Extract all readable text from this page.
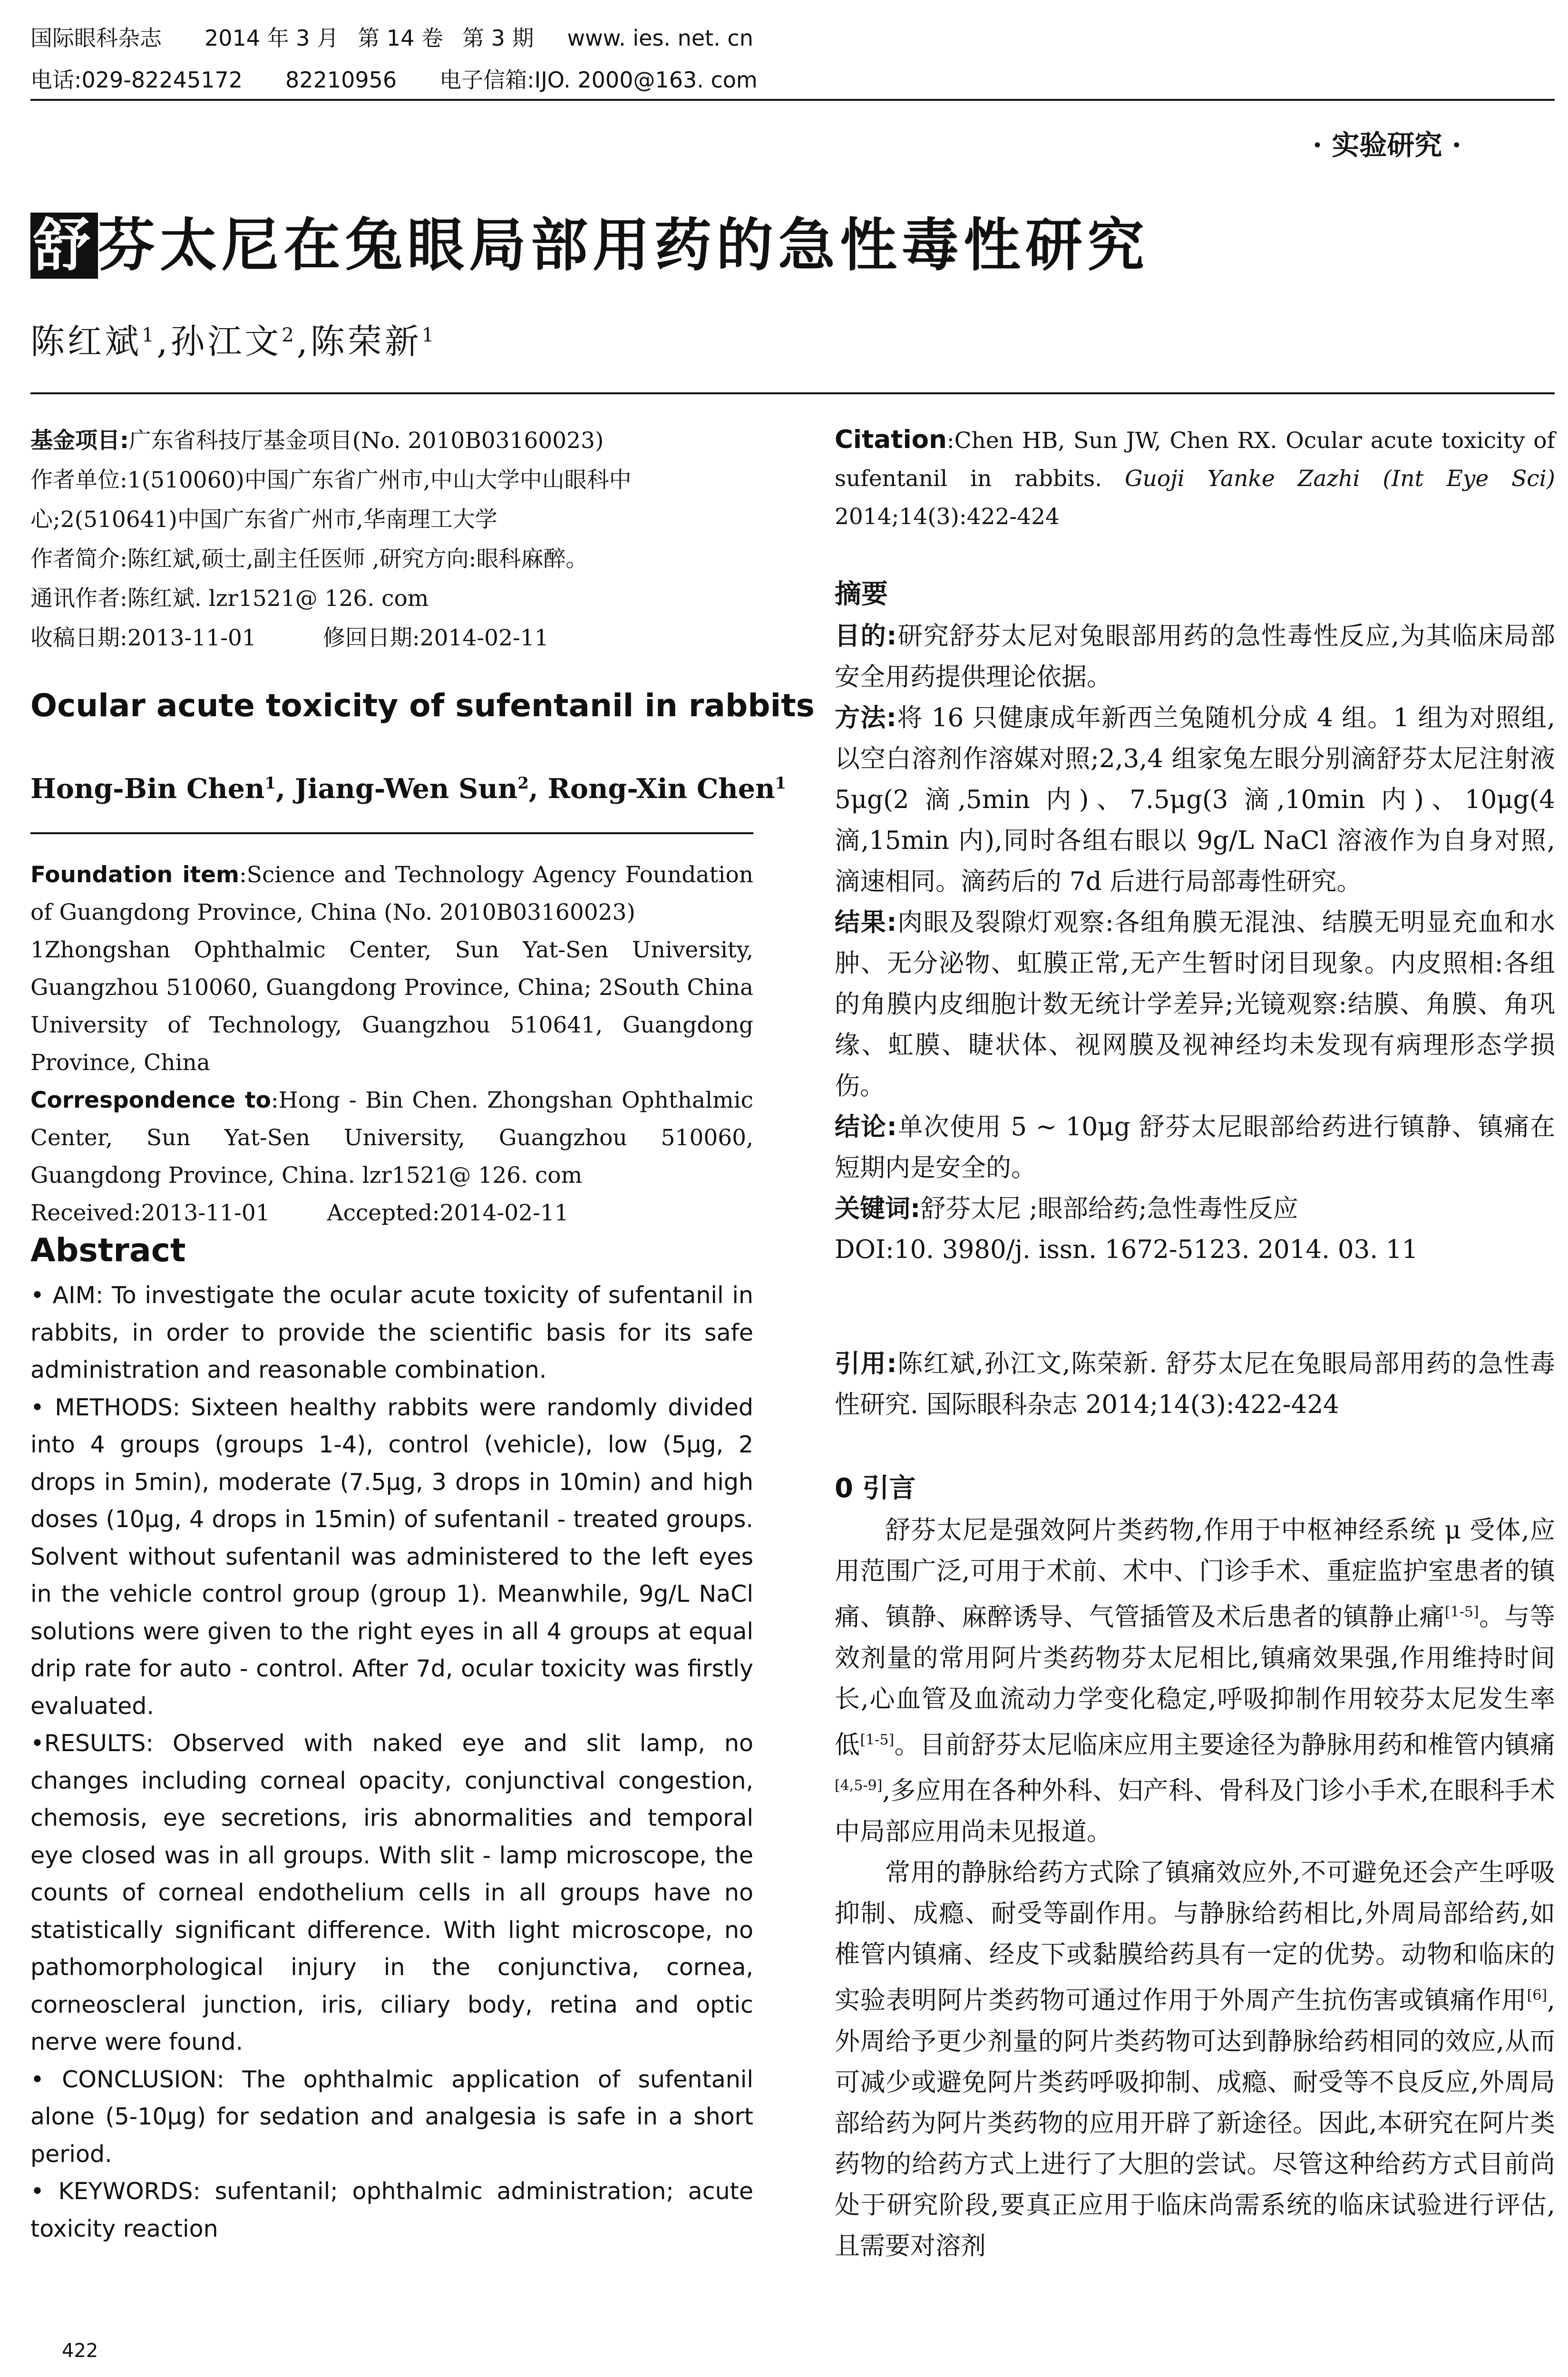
国际眼科杂志 2014 年 3 月 第 14 卷 第 3 期 www. ies. net. cn
电话:029-82245172 82210956 电子信箱:IJO. 2000@163. com
· 实验研究 ·
舒芬太尼在兔眼局部用药的急性毒性研究
陈红斌$^1$,孙江文$^2$,陈荣新$^1$
基金项目:广东省科技厅基金项目(No. 2010B03160023)
作者单位:1(510060)中国广东省广州市,中山大学中山眼科中
心;2(510641)中国广东省广州市,华南理工大学
作者简介:陈红斌,硕士,副主任医师 ,研究方向:眼科麻醉。
通讯作者:陈红斌. lzr1521@ 126. com
收稿日期:2013-11-01	修回日期:2014-02-11
Ocular acute toxicity of sufentanil in rabbits
Hong-Bin Chen$^1$, Jiang-Wen Sun$^2$, Rong-Xin Chen$^1$

Foundation item:Science and Technology Agency Foundation of Guangdong Province, China (No. 2010B03160023)

1Zhongshan Ophthalmic Center, Sun Yat-Sen University, Guangzhou 510060, Guangdong Province, China; 2South China University of Technology, Guangzhou 510641, Guangdong Province, China

Correspondence to:Hong - Bin Chen. Zhongshan Ophthalmic Center, Sun Yat-Sen University, Guangzhou 510060, Guangdong Province, China. lzr1521@ 126. com

Received:2013-11-01	Accepted:2014-02-11

Abstract

• AIM: To investigate the ocular acute toxicity of sufentanil in rabbits, in order to provide the scientific basis for its safe administration and reasonable combination.

• METHODS: Sixteen healthy rabbits were randomly divided into 4 groups (groups 1-4), control (vehicle), low (5μg, 2 drops in 5min), moderate (7.5μg, 3 drops in 10min) and high doses (10μg, 4 drops in 15min) of sufentanil - treated groups. Solvent without sufentanil was administered to the left eyes in the vehicle control group (group 1). Meanwhile, 9g/L NaCl solutions were given to the right eyes in all 4 groups at equal drip rate for auto - control. After 7d, ocular toxicity was firstly evaluated.

•RESULTS: Observed with naked eye and slit lamp, no changes including corneal opacity, conjunctival congestion, chemosis, eye secretions, iris abnormalities and temporal eye closed was in all groups. With slit - lamp microscope, the counts of corneal endothelium cells in all groups have no statistically significant difference. With light microscope, no pathomorphological injury in the conjunctiva, cornea, corneoscleral junction, iris, ciliary body, retina and optic nerve were found.

• CONCLUSION: The ophthalmic application of sufentanil alone (5-10μg) for sedation and analgesia is safe in a short period.

• KEYWORDS: sufentanil; ophthalmic administration; acute toxicity reaction

422
Citation:Chen HB, Sun JW, Chen RX. Ocular acute toxicity of sufentanil in rabbits. Guoji Yanke Zazhi (Int Eye Sci) 2014;14(3):422-424

摘要

目的:研究舒芬太尼对兔眼部用药的急性毒性反应,为其临床局部安全用药提供理论依据。

方法:将 16 只健康成年新西兰兔随机分成 4 组。1 组为对照组,以空白溶剂作溶媒对照;2,3,4 组家兔左眼分别滴舒芬太尼注射液 5μg(2 滴,5min 内)、7.5μg(3 滴,10min 内)、10μg(4 滴,15min 内),同时各组右眼以 9g/L NaCl 溶液作为自身对照,滴速相同。滴药后的 7d 后进行局部毒性研究。

结果:肉眼及裂隙灯观察:各组角膜无混浊、结膜无明显充血和水肿、无分泌物、虹膜正常,无产生暂时闭目现象。内皮照相:各组的角膜内皮细胞计数无统计学差异;光镜观察:结膜、角膜、角巩缘、虹膜、睫状体、视网膜及视神经均未发现有病理形态学损伤。

结论:单次使用 5 ~ 10μg 舒芬太尼眼部给药进行镇静、镇痛在短期内是安全的。

关键词:舒芬太尼 ;眼部给药;急性毒性反应

DOI:10. 3980/j. issn. 1672-5123. 2014. 03. 11

引用:陈红斌,孙江文,陈荣新. 舒芬太尼在兔眼局部用药的急性毒性研究. 国际眼科杂志 2014;14(3):422-424

0 引言

舒芬太尼是强效阿片类药物,作用于中枢神经系统 μ 受体,应用范围广泛,可用于术前、术中、门诊手术、重症监护室患者的镇痛、镇静、麻醉诱导、气管插管及术后患者的镇静止痛[1-5]。与等效剂量的常用阿片类药物芬太尼相比,镇痛效果强,作用维持时间长,心血管及血流动力学变化稳定,呼吸抑制作用较芬太尼发生率低[1-5]。目前舒芬太尼临床应用主要途径为静脉用药和椎管内镇痛[4,5-9],多应用在各种外科、妇产科、骨科及门诊小手术,在眼科手术中局部应用尚未见报道。

常用的静脉给药方式除了镇痛效应外,不可避免还会产生呼吸抑制、成瘾、耐受等副作用。与静脉给药相比,外周局部给药,如椎管内镇痛、经皮下或黏膜给药具有一定的优势。动物和临床的实验表明阿片类药物可通过作用于外周产生抗伤害或镇痛作用[6],外周给予更少剂量的阿片类药物可达到静脉给药相同的效应,从而可减少或避免阿片类药呼吸抑制、成瘾、耐受等不良反应,外周局部给药为阿片类药物的应用开辟了新途径。因此,本研究在阿片类药物的给药方式上进行了大胆的尝试。尽管这种给药方式目前尚处于研究阶段,要真正应用于临床尚需系统的临床试验进行评估,且需要对溶剂
